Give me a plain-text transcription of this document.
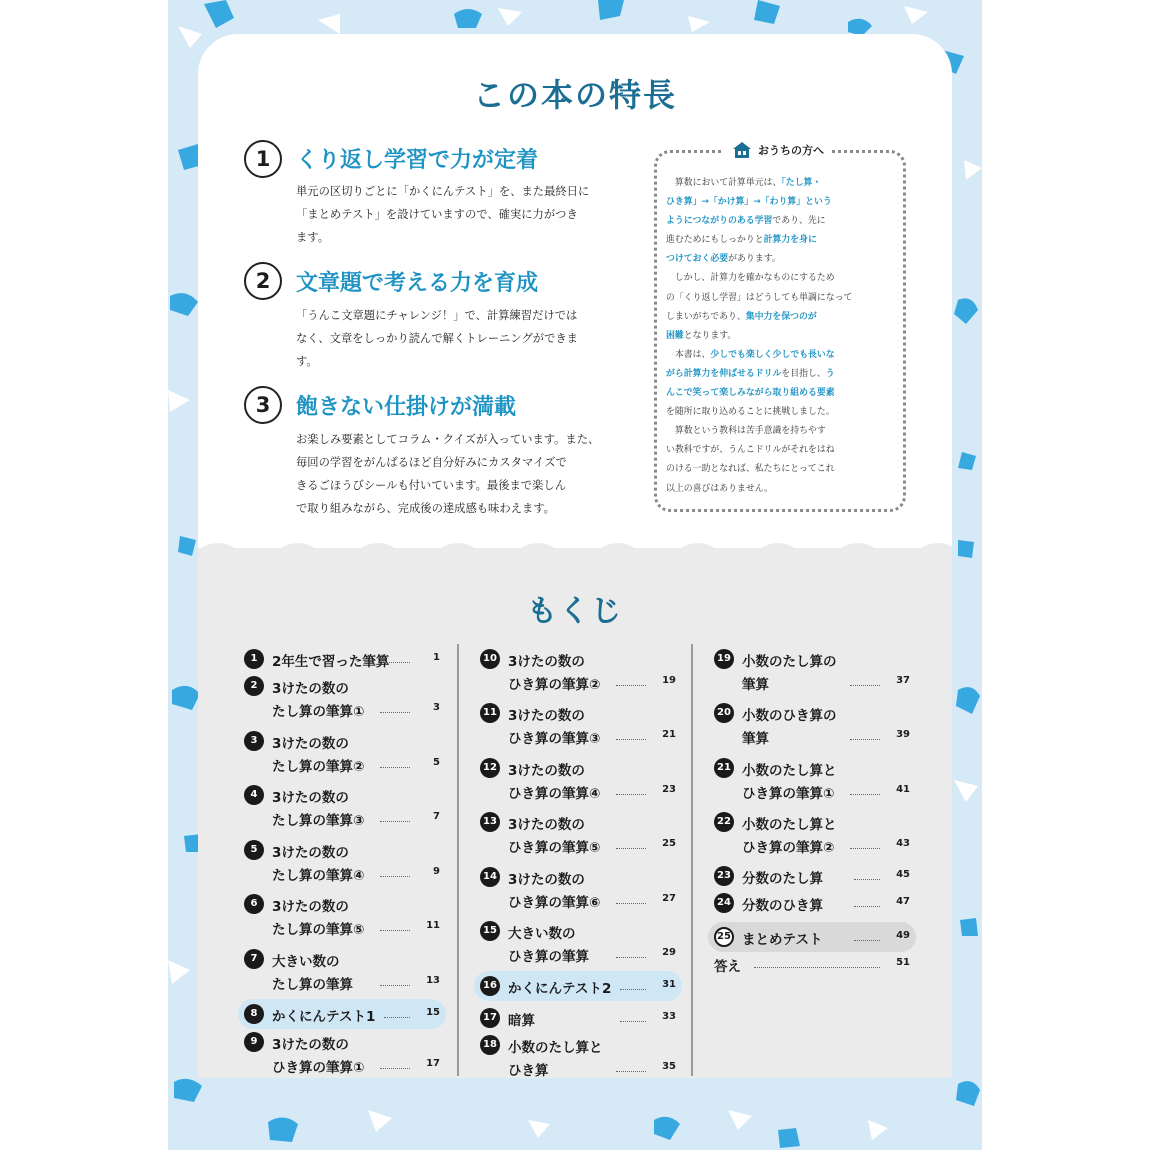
この本の特長
1	くり返し学習で力が定着
単元の区切りごとに「かくにんテスト」を、また最終日に
「まとめテスト」を設けていますので、確実に力がつき
ます。
2	文章題で考える力を育成
「うんこ文章題にチャレンジ！」で、計算練習だけでは
なく、文章をしっかり読んで解くトレーニングができま
す。
3	飽きない仕掛けが満載
お楽しみ要素としてコラム・クイズが入っています。また、
毎回の学習をがんばるほど自分好みにカスタマイズで
きるごほうびシールも付いています。最後まで楽しん
で取り組みながら、完成後の達成感も味わえます。
おうちの方へ
　算数において計算単元は、「たし算・
ひき算」→「かけ算」→「わり算」という
ようにつながりのある学習であり、先に
進むためにもしっかりと計算力を身に
つけておく必要があります。
　しかし、計算力を確かなものにするため
の「くり返し学習」はどうしても単調になって
しまいがちであり、集中力を保つのが
困難となります。
　本書は、少しでも楽しく少しでも長いな
がら計算力を伸ばせるドリルを目指し、う
んこで笑って楽しみながら取り組める要素
を随所に取り込めることに挑戦しました。
　算数という教科は苦手意識を持ちやす
い教科ですが、うんこドリルがそれをはね
のける一助となれば、私たちにとってこれ
以上の喜びはありません。
もくじ
1	2年生で習った筆算	1
2	3けたの数の
たし算の筆算①	3
3	3けたの数の
たし算の筆算②	5
4	3けたの数の
たし算の筆算③	7
5	3けたの数の
たし算の筆算④	9
6	3けたの数の
たし算の筆算⑤	11
7	大きい数の
たし算の筆算	13
8	かくにんテスト1	15
9	3けたの数の
ひき算の筆算①	17
10 3けたの数の
ひき算の筆算②	19
11 3けたの数の
ひき算の筆算③	21
12 3けたの数の
ひき算の筆算④	23
13 3けたの数の
ひき算の筆算⑤	25
14 3けたの数の
ひき算の筆算⑥	27
15 大きい数の
ひき算の筆算	29
16 かくにんテスト2	31
17 暗算	33
18 小数のたし算と
ひき算	35
19 小数のたし算の
筆算	37
20 小数のひき算の
筆算	39
21 小数のたし算と
ひき算の筆算①	41
22 小数のたし算と
ひき算の筆算②	43
23 分数のたし算	45
24 分数のひき算	47
25 まとめテスト	49
答え	51
